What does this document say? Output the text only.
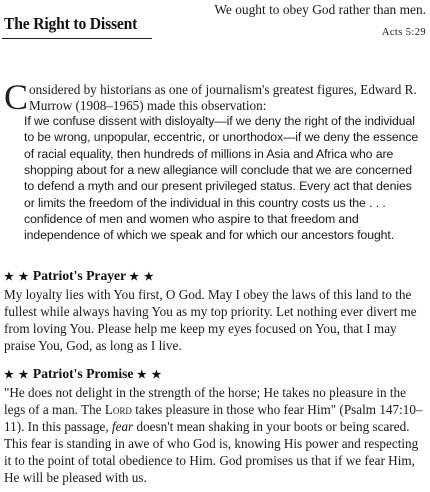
The Right to Dissent
We ought to obey God rather than men.
Acts 5:29
Considered by historians as one of journalism's greatest figures, Edward R. Murrow (1908–1965) made this observation:
If we confuse dissent with disloyalty—if we deny the right of the individual to be wrong, unpopular, eccentric, or unorthodox—if we deny the essence of racial equality, then hundreds of millions in Asia and Africa who are shopping about for a new allegiance will conclude that we are concerned to defend a myth and our present privileged status. Every act that denies or limits the freedom of the individual in this country costs us the . . . confidence of men and women who aspire to that freedom and independence of which we speak and for which our ancestors fought.
★ ★ Patriot's Prayer ★ ★
My loyalty lies with You first, O God. May I obey the laws of this land to the fullest while always having You as my top priority. Let nothing ever divert me from loving You. Please help me keep my eyes focused on You, that I may praise You, God, as long as I live.
★ ★ Patriot's Promise ★ ★
"He does not delight in the strength of the horse; He takes no pleasure in the legs of a man. The Lord takes pleasure in those who fear Him" (Psalm 147:10–11). In this passage, fear doesn't mean shaking in your boots or being scared. This fear is standing in awe of who God is, knowing His power and respecting it to the point of total obedience to Him. God promises us that if we fear Him, He will be pleased with us.
